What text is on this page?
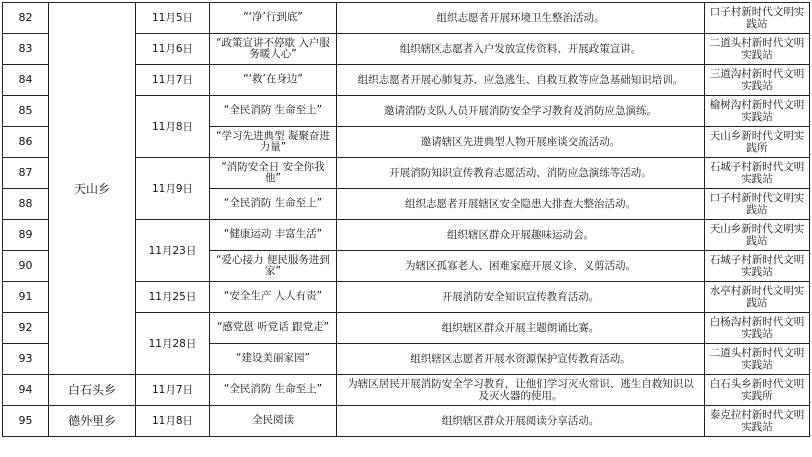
82	天山乡	11月5日	“‘净’行到底”	组织志愿者开展环境卫生整治活动。	口子村新时代文明实践站
83		11月6日	“政策宣讲不停歇 入户服务暖人心”	组织辖区志愿者入户发放宣传资料、开展政策宣讲。	二道头村新时代文明实践站
84		11月7日	“‘救’在身边”	组织志愿者开展心肺复苏、应急逃生、自救互救等应急基础知识培训。	三道沟村新时代文明实践站
85		11月8日	“全民消防 生命至上”	邀请消防支队人员开展消防安全学习教育及消防应急演练。	榆树沟村新时代文明实践站
86			“学习先进典型 凝聚奋进力量”	邀请辖区先进典型人物开展座谈交流活动。	天山乡新时代文明实践所
87		11月9日	“消防安全日 安全你我他”	开展消防知识宣传教育志愿活动、消防应急演练等活动。	石城子村新时代文明实践站
88			“全民消防 生命至上”	组织志愿者开展辖区安全隐患大排查大整治活动。	口子村新时代文明实践站
89		11月23日	“健康运动 丰富生活”	组织辖区群众开展趣味运动会。	天山乡新时代文明实践站
90			“爱心接力 便民服务进到家”	为辖区孤寡老人、困难家庭开展义诊、义剪活动。	石城子村新时代文明实践站
91		11月25日	“安全生产 人人有责”	开展消防安全知识宣传教育活动。	水亭村新时代文明实践站
92		11月28日	“感党恩 听党话 跟党走”	组织辖区群众开展主题朗诵比赛。	白杨沟村新时代文明实践站
93			“建设美丽家园”	组织辖区志愿者开展水资源保护宣传教育活动。	二道头村新时代文明实践站
94	白石头乡	11月7日	“全民消防 生命至上”	为辖区居民开展消防安全学习教育，让他们学习灭火常识、逃生自救知识以及灭火器的使用。	白石头乡新时代文明实践所
95	德外里乡	11月8日	全民阅读	组织辖区群众开展阅读分享活动。	泰克拉村新时代文明实践站
